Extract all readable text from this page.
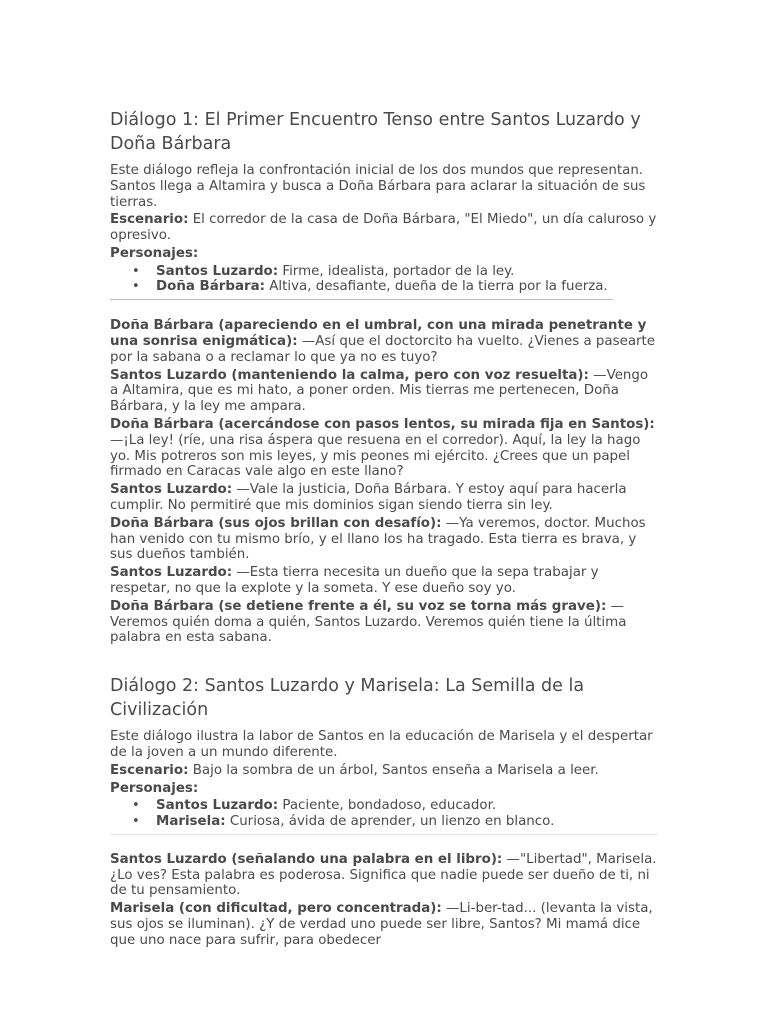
Diálogo 1: El Primer Encuentro Tenso entre Santos Luzardo y Doña Bárbara

Este diálogo refleja la confrontación inicial de los dos mundos que representan. Santos llega a Altamira y busca a Doña Bárbara para aclarar la situación de sus tierras.

Escenario: El corredor de la casa de Doña Bárbara, "El Miedo", un día caluroso y opresivo.

Personajes:

• Santos Luzardo: Firme, idealista, portador de la ley.
• Doña Bárbara: Altiva, desafiante, dueña de la tierra por la fuerza.

Doña Bárbara (apareciendo en el umbral, con una mirada penetrante y una sonrisa enigmática): —Así que el doctorcito ha vuelto. ¿Vienes a pasearte por la sabana o a reclamar lo que ya no es tuyo?

Santos Luzardo (manteniendo la calma, pero con voz resuelta): —Vengo a Altamira, que es mi hato, a poner orden. Mis tierras me pertenecen, Doña Bárbara, y la ley me ampara.

Doña Bárbara (acercándose con pasos lentos, su mirada fija en Santos): —¡La ley! (ríe, una risa áspera que resuena en el corredor). Aquí, la ley la hago yo. Mis potreros son mis leyes, y mis peones mi ejército. ¿Crees que un papel firmado en Caracas vale algo en este llano?

Santos Luzardo: —Vale la justicia, Doña Bárbara. Y estoy aquí para hacerla cumplir. No permitiré que mis dominios sigan siendo tierra sin ley.

Doña Bárbara (sus ojos brillan con desafío): —Ya veremos, doctor. Muchos han venido con tu mismo brío, y el llano los ha tragado. Esta tierra es brava, y sus dueños también.

Santos Luzardo: —Esta tierra necesita un dueño que la sepa trabajar y respetar, no que la explote y la someta. Y ese dueño soy yo.

Doña Bárbara (se detiene frente a él, su voz se torna más grave): —Veremos quién doma a quién, Santos Luzardo. Veremos quién tiene la última palabra en esta sabana.

Diálogo 2: Santos Luzardo y Marisela: La Semilla de la Civilización

Este diálogo ilustra la labor de Santos en la educación de Marisela y el despertar de la joven a un mundo diferente.

Escenario: Bajo la sombra de un árbol, Santos enseña a Marisela a leer.

Personajes:

• Santos Luzardo: Paciente, bondadoso, educador.
• Marisela: Curiosa, ávida de aprender, un lienzo en blanco.

Santos Luzardo (señalando una palabra en el libro): —"Libertad", Marisela. ¿Lo ves? Esta palabra es poderosa. Significa que nadie puede ser dueño de ti, ni de tu pensamiento.

Marisela (con dificultad, pero concentrada): —Li-ber-tad... (levanta la vista, sus ojos se iluminan). ¿Y de verdad uno puede ser libre, Santos? Mi mamá dice que uno nace para sufrir, para obedecer
